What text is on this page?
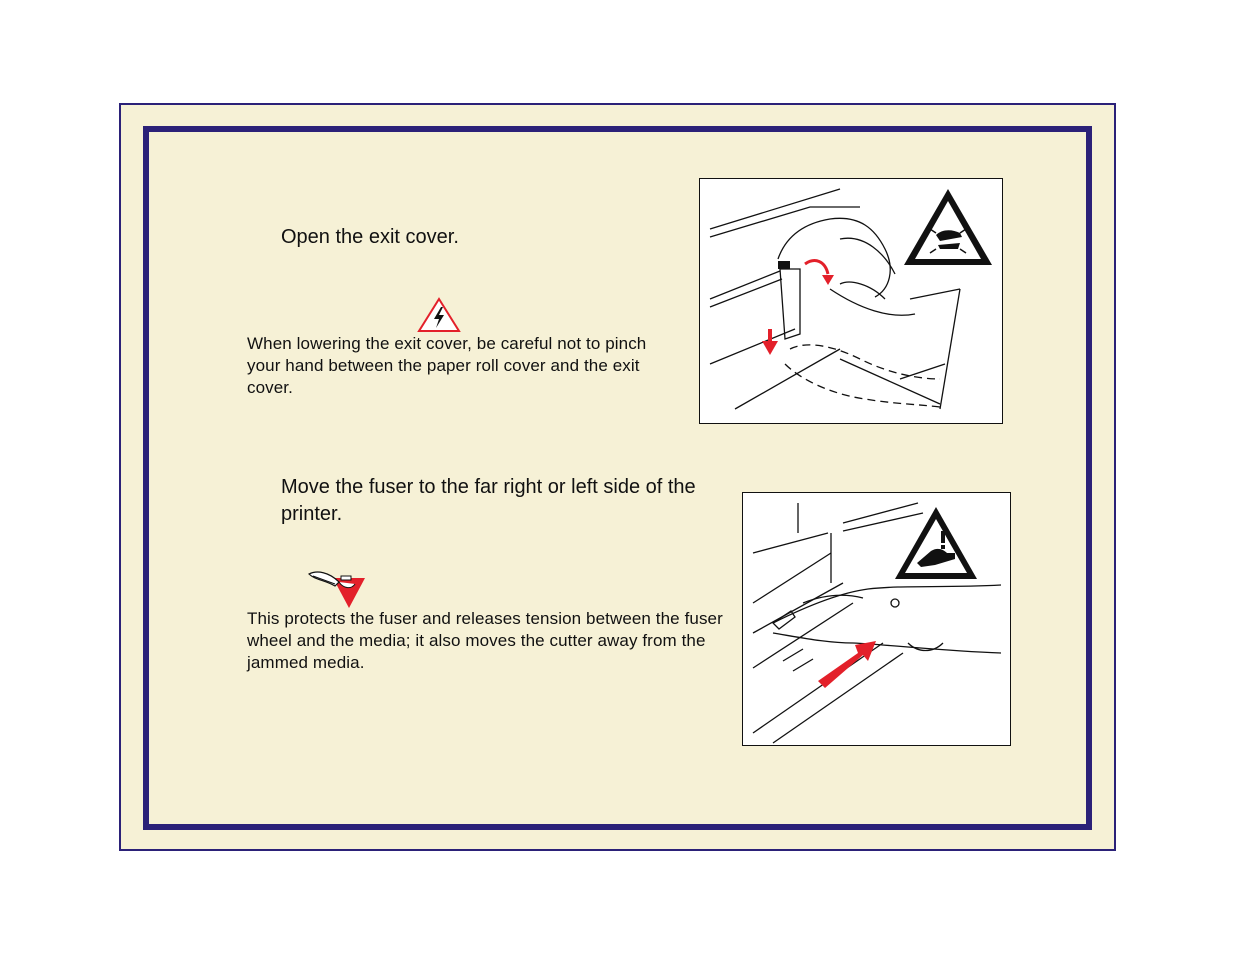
Open the exit cover.
When lowering the exit cover, be careful not to pinch your hand between the paper roll cover and the exit cover.
Move the fuser to the far right or left side of the printer.
This protects the fuser and releases tension between the fuser wheel and the media; it also moves the cutter away from the jammed media.
